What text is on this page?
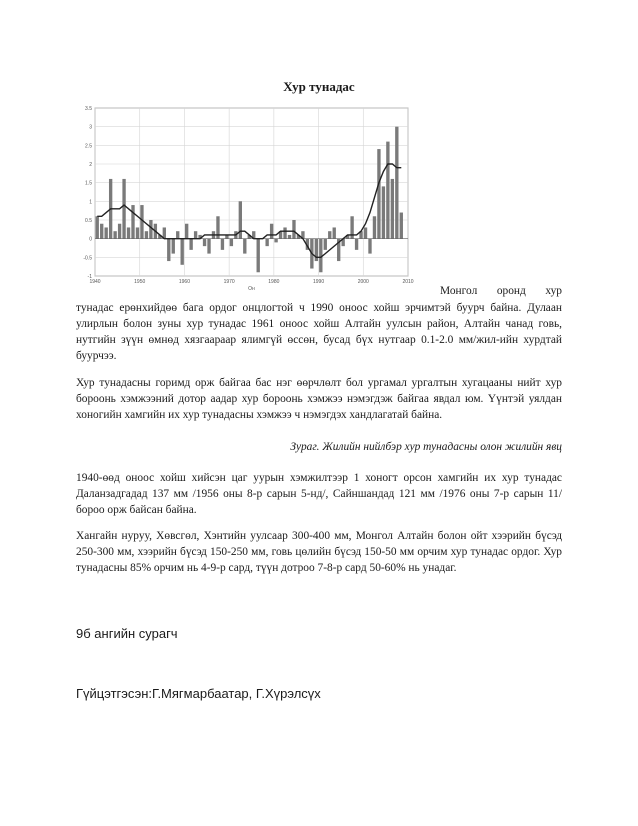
Хур тунадас
3.5
3
2.5
2
1.5
1
0.5
0
-0.5
-1
1940	1950	1960	1970	1980	1990	2000	2010
Он	Монгол оронд хур
тунадас ерөнхийдөө бага ордог онцлогтой ч 1990 оноос хойш эрчимтэй буурч байна. Дулаан улирлын болон зуны хур тунадас 1961 оноос хойш Алтайн уулсын район, Алтайн чанад говь, нутгийн зүүн өмнөд хязгаараар ялимгүй өссөн, бусад бүх нутгаар 0.1-2.0 мм/жил-ийн хурдтай буурчээ.
Хур тунадасны горимд орж байгаа бас нэг өөрчлөлт бол ургамал ургалтын хугацааны нийт хур бороонь хэмжээний дотор аадар хур бороонь хэмжээ нэмэгдэж байгаа явдал юм. Үүнтэй уялдан хоногийн хамгийн их хур тунадасны хэмжээ ч нэмэгдэх хандлагатай байна.
Зураг. Жилийн нийлбэр хур тунадасны олон жилийн явц
1940-өөд оноос хойш хийсэн цаг уурын хэмжилтээр 1 хоногт орсон хамгийн их хур тунадас Даланзадгадад 137 мм /1956 оны 8-р сарын 5-нд/, Сайншандад 121 мм /1976 оны 7-р сарын 11/ бороо орж байсан байна.
Хангайн нуруу, Хөвсгөл, Хэнтийн уулсаар 300-400 мм, Монгол Алтайн болон ойт хээрийн бүсэд 250-300 мм, хээрийн бүсэд 150-250 мм, говь цөлийн бүсэд 150-50 мм орчим хур тунадас ордог. Хур тунадасны 85% орчим нь 4-9-р сард, түүн дотроо 7-8-р сард 50-60% нь унадаг.
9б ангийн сурагч
Гүйцэтгэсэн:Г.Мягмарбаатар, Г.Хүрэлсүх
